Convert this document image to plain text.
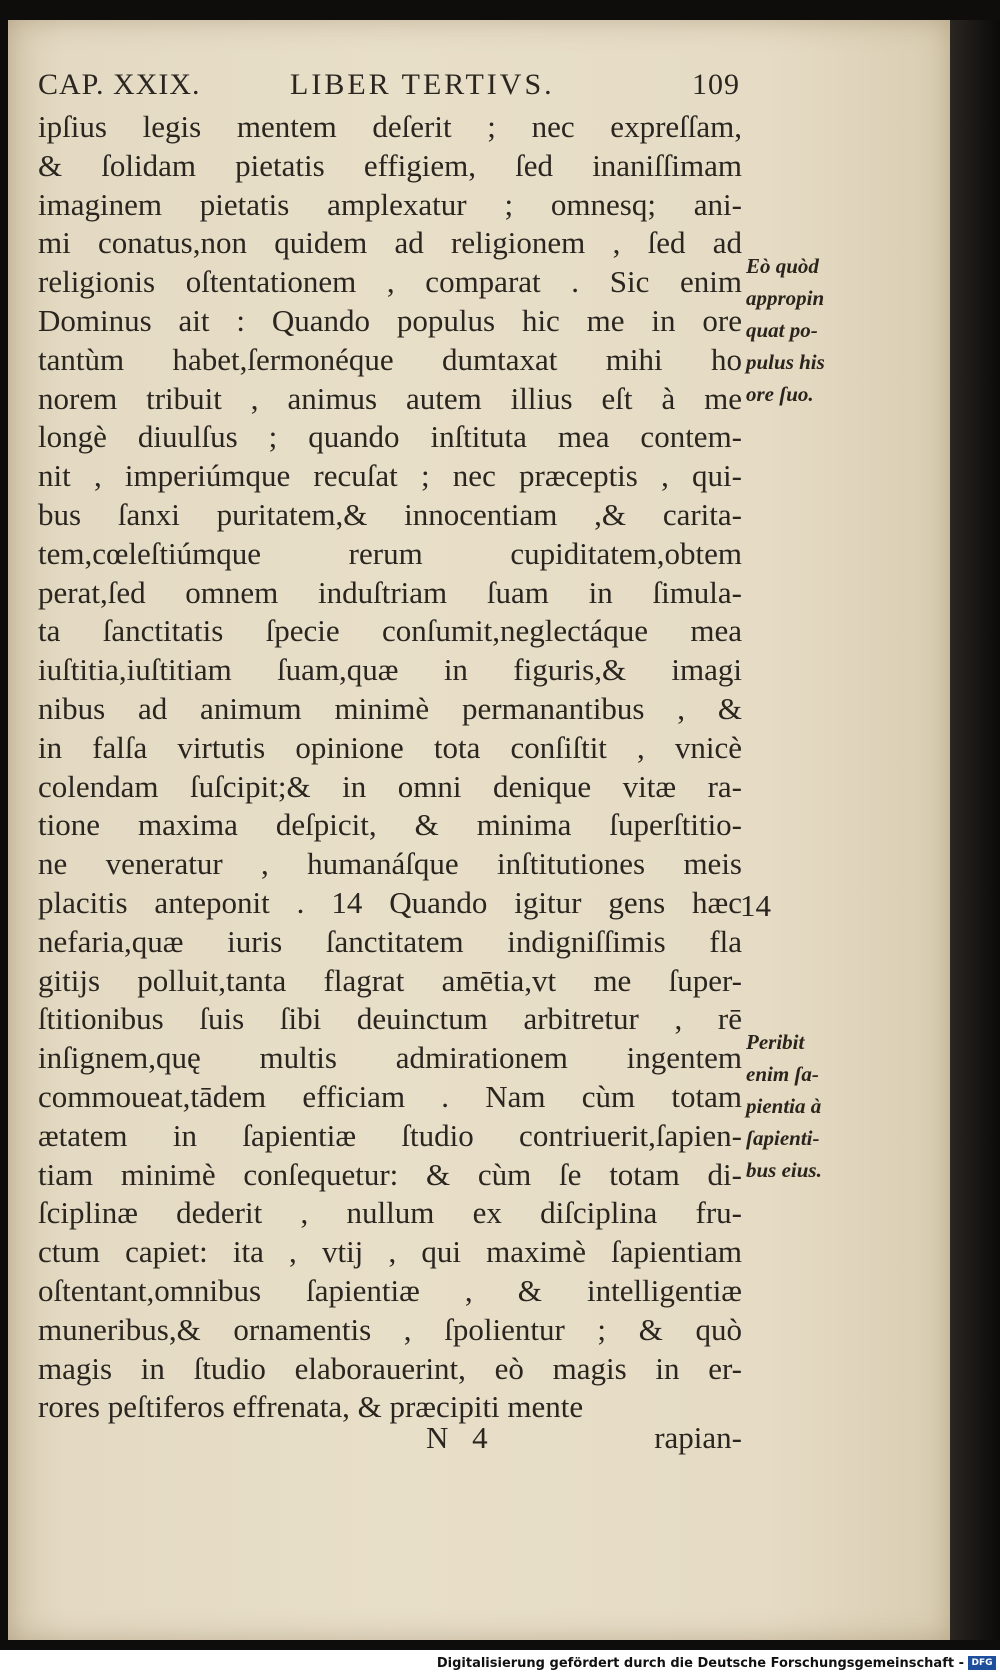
CAP. XXIX.	LIBER TERTIVS.	109
ipſius legis mentem deſerit ; nec expreſſam,
& ſolidam pietatis effigiem, ſed inaniſſimam
imaginem pietatis amplexatur ; omnesq; ani-
mi conatus,non quidem ad religionem , ſed ad
religionis oſtentationem , comparat . Sic enim
Dominus ait : Quando populus hic me in ore
tantùm habet,ſermonéque dumtaxat mihi ho
norem tribuit , animus autem illius eſt à me
longè diuulſus ; quando inſtituta mea contem-
nit , imperiúmque recuſat ; nec præceptis , qui-
bus ſanxi puritatem,& innocentiam ,& carita-
tem,cœleſtiúmque rerum cupiditatem,obtem
perat,ſed omnem induſtriam ſuam in ſimula-
ta ſanctitatis ſpecie conſumit,neglectáque mea
iuſtitia,iuſtitiam ſuam,quæ in figuris,& imagi
nibus ad animum minimè permanantibus , &
in falſa virtutis opinione tota conſiſtit , vnicè
colendam ſuſcipit;& in omni denique vitæ ra-
tione maxima deſpicit, & minima ſuperſtitio-
ne veneratur , humanáſque inſtitutiones meis
placitis anteponit . 14 Quando igitur gens hæc
nefaria,quæ iuris ſanctitatem indigniſſimis fla
gitijs polluit,tanta flagrat amētia,vt me ſuper-
ſtitionibus ſuis ſibi deuinctum arbitretur , rē
inſignem,quę multis admirationem ingentem
commoueat,tādem efficiam . Nam cùm totam
ætatem in ſapientiæ ſtudio contriuerit,ſapien-
tiam minimè conſequetur: & cùm ſe totam di-
ſciplinæ dederit , nullum ex diſciplina fru-
ctum capiet: ita , vtij , qui maximè ſapientiam
oſtentant,omnibus ſapientiæ , & intelligentiæ
muneribus,& ornamentis , ſpolientur ; & quò
magis in ſtudio elaborauerint, eò magis in er-
rores peſtiferos effrenata, & præcipiti mente
Eò quòd
appropin
quat po-
pulus his
ore ſuo.
14
Peribit
enim ſa-
pientia à
ſapienti-
bus eius.
N 4	rapian-
Digitalisierung gefördert durch die Deutsche Forschungsgemeinschaft - DFG
